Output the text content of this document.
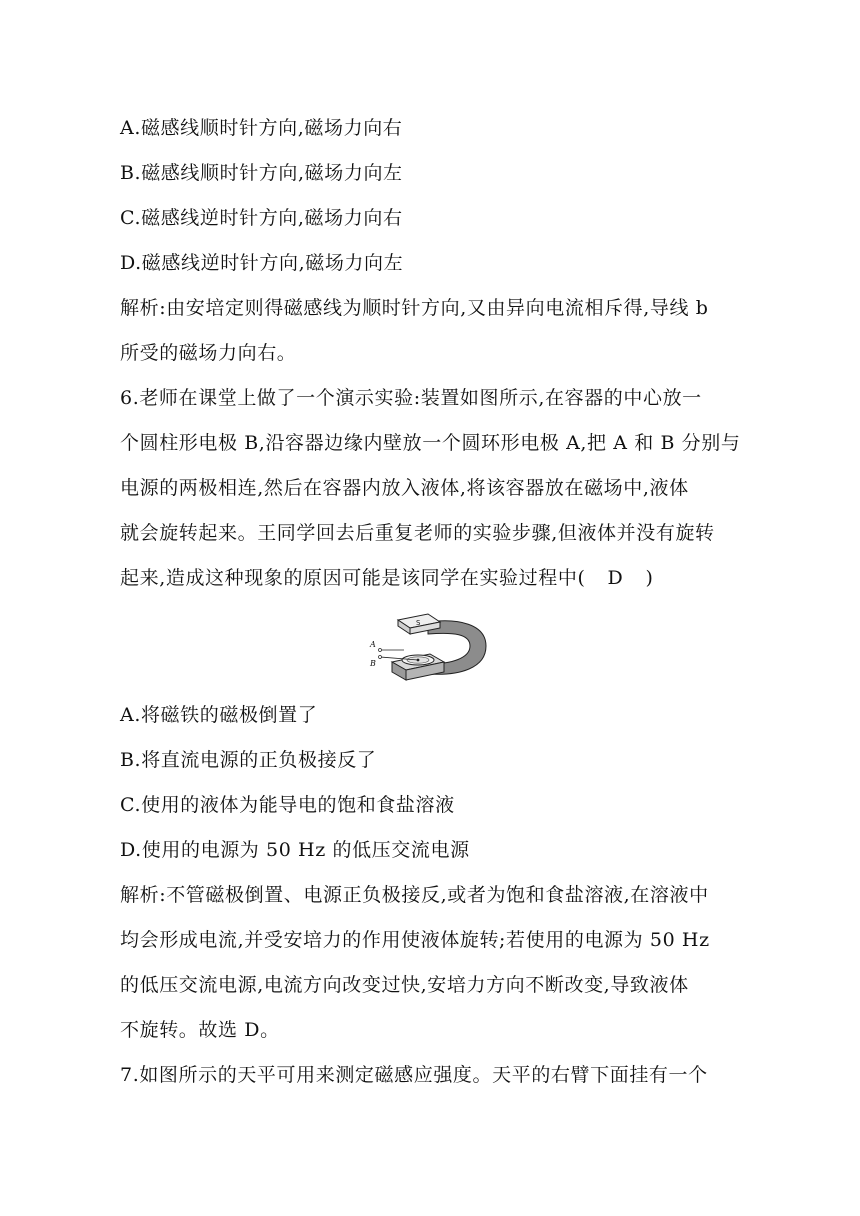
A.磁感线顺时针方向,磁场力向右
B.磁感线顺时针方向,磁场力向左
C.磁感线逆时针方向,磁场力向右
D.磁感线逆时针方向,磁场力向左
解析:由安培定则得磁感线为顺时针方向,又由异向电流相斥得,导线 b
所受的磁场力向右。
6.老师在课堂上做了一个演示实验:装置如图所示,在容器的中心放一
个圆柱形电极 B,沿容器边缘内壁放一个圆环形电极 A,把 A 和 B 分别与
电源的两极相连,然后在容器内放入液体,将该容器放在磁场中,液体
就会旋转起来。王同学回去后重复老师的实验步骤,但液体并没有旋转
起来,造成这种现象的原因可能是该同学在实验过程中( D )
S
A
B
A.将磁铁的磁极倒置了
B.将直流电源的正负极接反了
C.使用的液体为能导电的饱和食盐溶液
D.使用的电源为 50 Hz 的低压交流电源
解析:不管磁极倒置、电源正负极接反,或者为饱和食盐溶液,在溶液中
均会形成电流,并受安培力的作用使液体旋转;若使用的电源为 50 Hz
的低压交流电源,电流方向改变过快,安培力方向不断改变,导致液体
不旋转。故选 D。
7.如图所示的天平可用来测定磁感应强度。天平的右臂下面挂有一个
